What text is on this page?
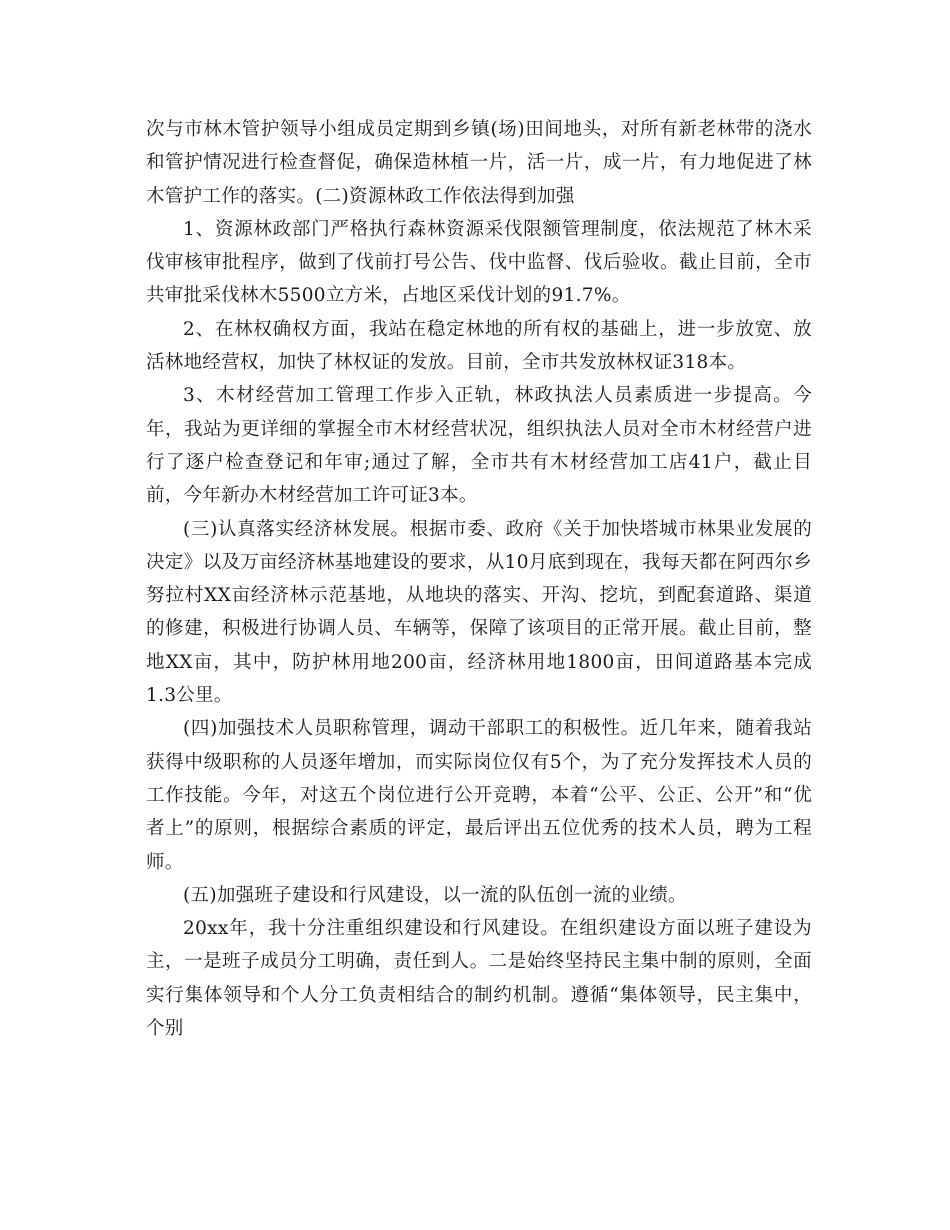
次与市林木管护领导小组成员定期到乡镇(场)田间地头，对所有新老林带的浇水和管护情况进行检查督促，确保造林植一片，活一片，成一片，有力地促进了林木管护工作的落实。(二)资源林政工作依法得到加强

1、资源林政部门严格执行森林资源采伐限额管理制度，依法规范了林木采伐审核审批程序，做到了伐前打号公告、伐中监督、伐后验收。截止目前，全市共审批采伐林木5500立方米，占地区采伐计划的91.7%。

2、在林权确权方面，我站在稳定林地的所有权的基础上，进一步放宽、放活林地经营权，加快了林权证的发放。目前，全市共发放林权证318本。

3、木材经营加工管理工作步入正轨，林政执法人员素质进一步提高。今年，我站为更详细的掌握全市木材经营状况，组织执法人员对全市木材经营户进行了逐户检查登记和年审;通过了解，全市共有木材经营加工店41户，截止目前，今年新办木材经营加工许可证3本。

(三)认真落实经济林发展。根据市委、政府《关于加快塔城市林果业发展的决定》以及万亩经济林基地建设的要求，从10月底到现在，我每天都在阿西尔乡努拉村XX亩经济林示范基地，从地块的落实、开沟、挖坑，到配套道路、渠道的修建，积极进行协调人员、车辆等，保障了该项目的正常开展。截止目前，整地XX亩，其中，防护林用地200亩，经济林用地1800亩，田间道路基本完成1.3公里。

(四)加强技术人员职称管理，调动干部职工的积极性。近几年来，随着我站获得中级职称的人员逐年增加，而实际岗位仅有5个，为了充分发挥技术人员的工作技能。今年，对这五个岗位进行公开竞聘，本着“公平、公正、公开”和“优者上”的原则，根据综合素质的评定，最后评出五位优秀的技术人员，聘为工程师。

(五)加强班子建设和行风建设，以一流的队伍创一流的业绩。

20xx年，我十分注重组织建设和行风建设。在组织建设方面以班子建设为主，一是班子成员分工明确，责任到人。二是始终坚持民主集中制的原则，全面实行集体领导和个人分工负责相结合的制约机制。遵循“集体领导，民主集中，个别
